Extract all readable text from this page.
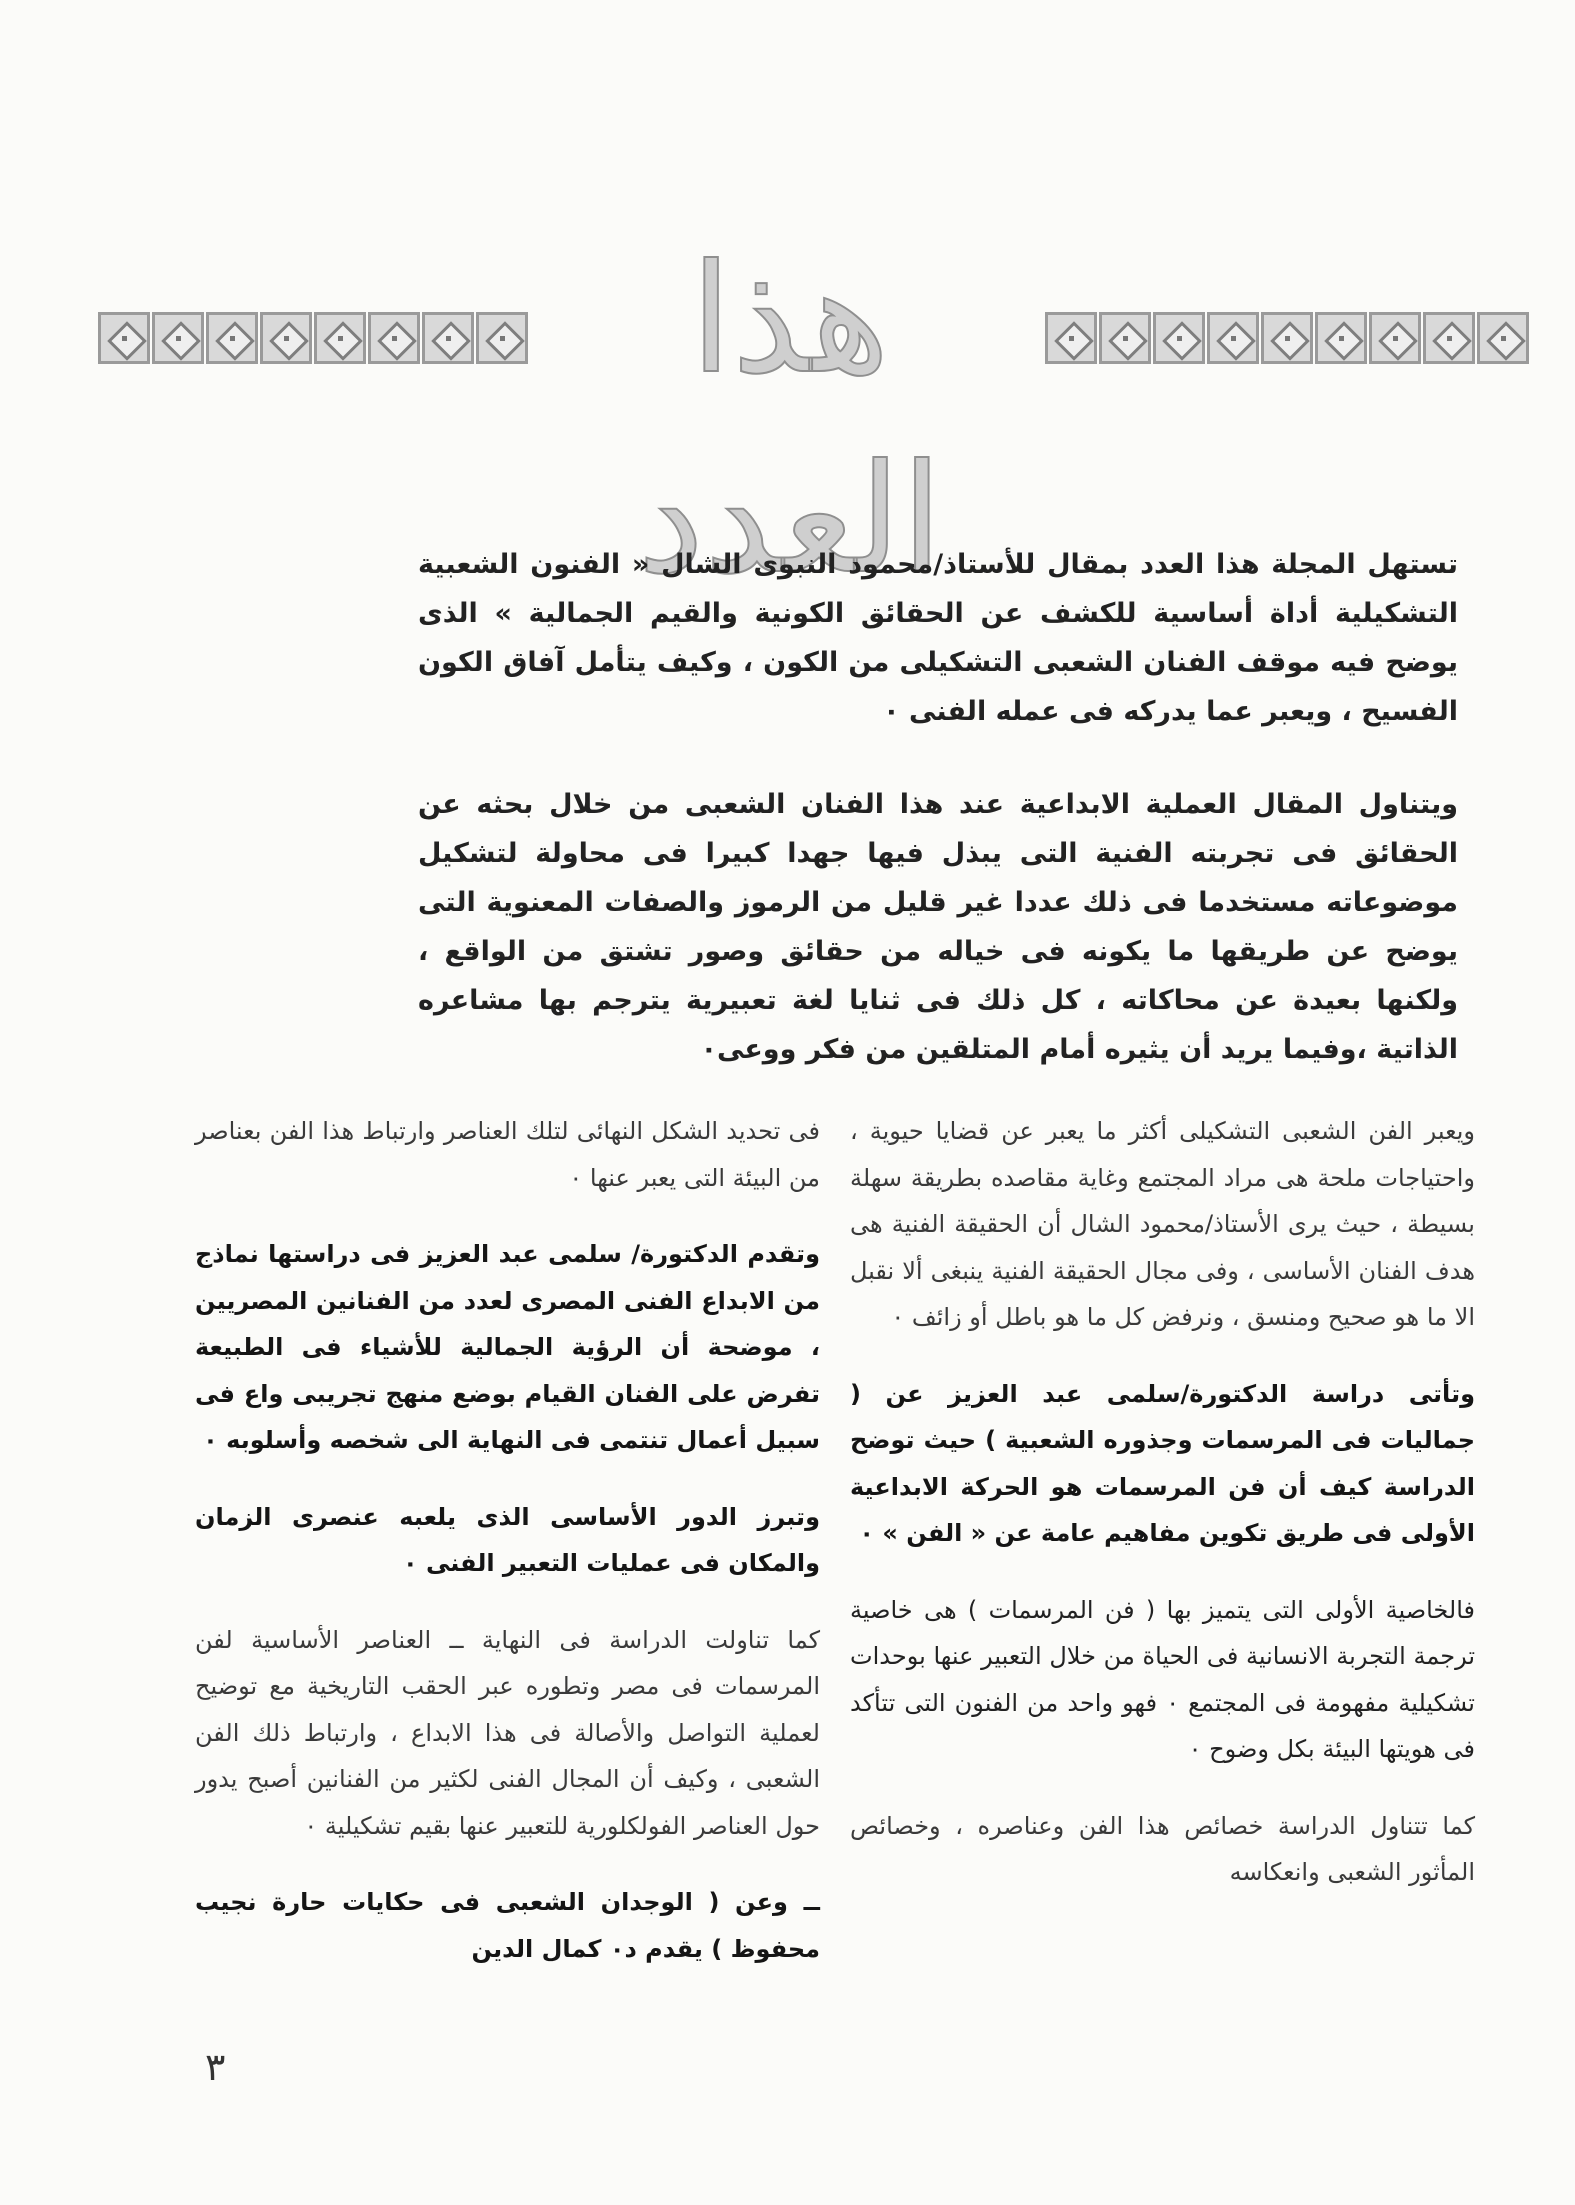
هذا العدد

تستهل المجلة هذا العدد بمقال للأستاذ/محمود النبوى الشال « الفنون الشعبية التشكيلية أداة أساسية للكشف عن الحقائق الكونية والقيم الجمالية » الذى يوضح فيه موقف الفنان الشعبى التشكيلى من الكون ، وكيف يتأمل آفاق الكون الفسيح ، ويعبر عما يدركه فى عمله الفنى ٠

ويتناول المقال العملية الابداعية عند هذا الفنان الشعبى من خلال بحثه عن الحقائق فى تجربته الفنية التى يبذل فيها جهدا كبيرا فى محاولة لتشكيل موضوعاته مستخدما فى ذلك عددا غير قليل من الرموز والصفات المعنوية التى يوضح عن طريقها ما يكونه فى خياله من حقائق وصور تشتق من الواقع ، ولكنها بعيدة عن محاكاته ، كل ذلك فى ثنايا لغة تعبيرية يترجم بها مشاعره الذاتية ،وفيما يريد أن يثيره أمام المتلقين من فكر ووعى٠

ويعبر الفن الشعبى التشكيلى أكثر ما يعبر عن قضايا حيوية ، واحتياجات ملحة هى مراد المجتمع وغاية مقاصده بطريقة سهلة بسيطة ، حيث يرى الأستاذ/محمود الشال أن الحقيقة الفنية هى هدف الفنان الأساسى ، وفى مجال الحقيقة الفنية ينبغى ألا نقبل الا ما هو صحيح ومنسق ، ونرفض كل ما هو باطل أو زائف ٠

وتأتى دراسة الدكتورة/سلمى عبد العزيز عن ( جماليات فى المرسمات وجذوره الشعبية ) حيث توضح الدراسة كيف أن فن المرسمات هو الحركة الابداعية الأولى فى طريق تكوين مفاهيم عامة عن « الفن » ٠

فالخاصية الأولى التى يتميز بها ( فن المرسمات ) هى خاصية ترجمة التجربة الانسانية فى الحياة من خلال التعبير عنها بوحدات تشكيلية مفهومة فى المجتمع ٠ فهو واحد من الفنون التى تتأكد فى هويتها البيئة بكل وضوح ٠

كما تتناول الدراسة خصائص هذا الفن وعناصره ، وخصائص المأثور الشعبى وانعكاسه

فى تحديد الشكل النهائى لتلك العناصر وارتباط هذا الفن بعناصر من البيئة التى يعبر عنها ٠

وتقدم الدكتورة/ سلمى عبد العزيز فى دراستها نماذج من الابداع الفنى المصرى لعدد من الفنانين المصريين ، موضحة أن الرؤية الجمالية للأشياء فى الطبيعة تفرض على الفنان القيام بوضع منهج تجريبى واع فى سبيل أعمال تنتمى فى النهاية الى شخصه وأسلوبه ٠

وتبرز الدور الأساسى الذى يلعبه عنصرى الزمان والمكان فى عمليات التعبير الفنى ٠

كما تناولت الدراسة فى النهاية ــ العناصر الأساسية لفن المرسمات فى مصر وتطوره عبر الحقب التاريخية مع توضيح لعملية التواصل والأصالة فى هذا الابداع ، وارتباط ذلك الفن الشعبى ، وكيف أن المجال الفنى لكثير من الفنانين أصبح يدور حول العناصر الفولكلورية للتعبير عنها بقيم تشكيلية ٠

ــ وعن ( الوجدان الشعبى فى حكايات حارة نجيب محفوظ ) يقدم د٠ كمال الدين

٣
